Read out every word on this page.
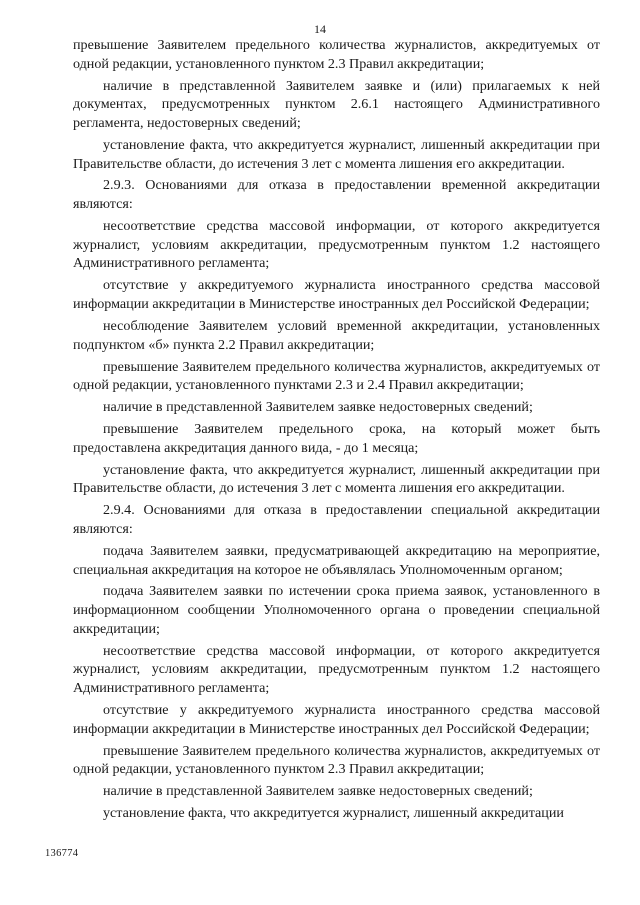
14

превышение Заявителем предельного количества журналистов, аккредитуемых от одной редакции, установленного пунктом 2.3 Правил аккредитации;

наличие в представленной Заявителем заявке и (или) прилагаемых к ней документах, предусмотренных пунктом 2.6.1 настоящего Административного регламента, недостоверных сведений;

установление факта, что аккредитуется журналист, лишенный аккредитации при Правительстве области, до истечения 3 лет с момента лишения его аккредитации.

2.9.3. Основаниями для отказа в предоставлении временной аккредитации являются:

несоответствие средства массовой информации, от которого аккредитуется журналист, условиям аккредитации, предусмотренным пунктом 1.2 настоящего Административного регламента;

отсутствие у аккредитуемого журналиста иностранного средства массовой информации аккредитации в Министерстве иностранных дел Российской Федерации;

несоблюдение Заявителем условий временной аккредитации, установленных подпунктом «б» пункта 2.2 Правил аккредитации;

превышение Заявителем предельного количества журналистов, аккредитуемых от одной редакции, установленного пунктами 2.3 и 2.4 Правил аккредитации;

наличие в представленной Заявителем заявке недостоверных сведений;

превышение Заявителем предельного срока, на который может быть предоставлена аккредитация данного вида, - до 1 месяца;

установление факта, что аккредитуется журналист, лишенный аккредитации при Правительстве области, до истечения 3 лет с момента лишения его аккредитации.

2.9.4. Основаниями для отказа в предоставлении специальной аккредитации являются:

подача Заявителем заявки, предусматривающей аккредитацию на мероприятие, специальная аккредитация на которое не объявлялась Уполномоченным органом;

подача Заявителем заявки по истечении срока приема заявок, установленного в информационном сообщении Уполномоченного органа о проведении специальной аккредитации;

несоответствие средства массовой информации, от которого аккредитуется журналист, условиям аккредитации, предусмотренным пунктом 1.2 настоящего Административного регламента;

отсутствие у аккредитуемого журналиста иностранного средства массовой информации аккредитации в Министерстве иностранных дел Российской Федерации;

превышение Заявителем предельного количества журналистов, аккредитуемых от одной редакции, установленного пунктом 2.3 Правил аккредитации;

наличие в представленной Заявителем заявке недостоверных сведений;

установление факта, что аккредитуется журналист, лишенный аккредитации

136774
